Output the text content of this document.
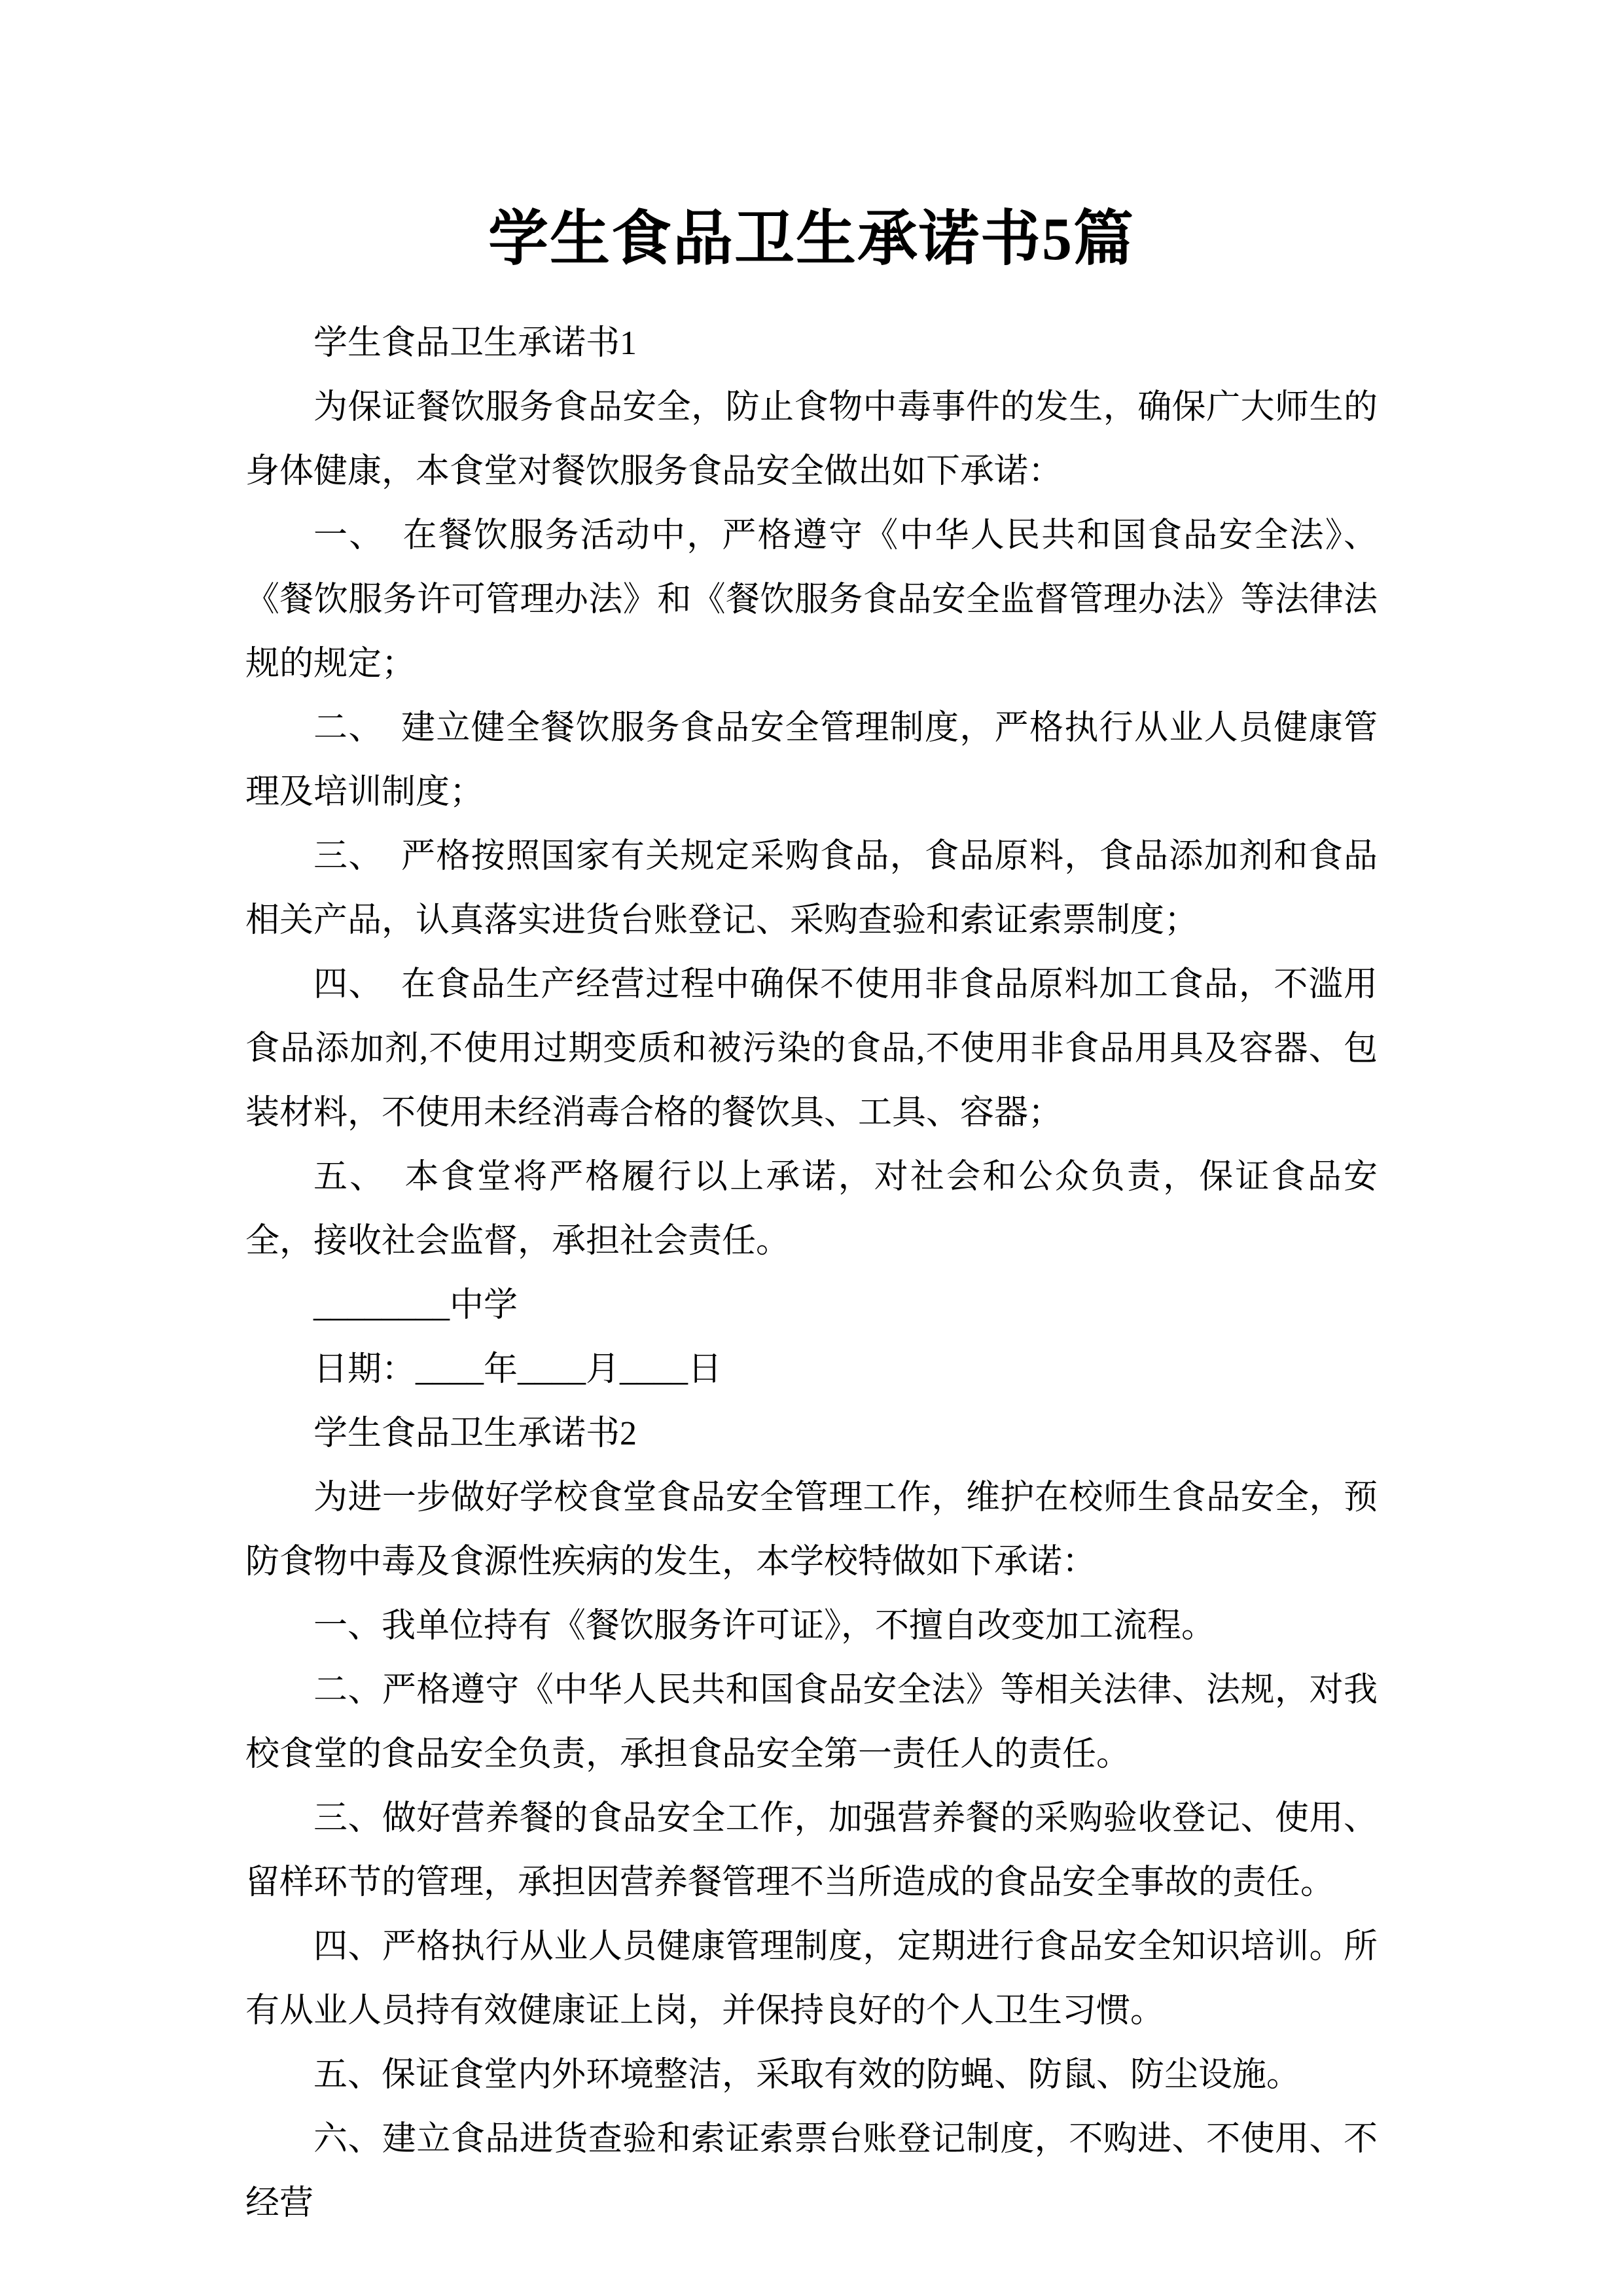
学生食品卫生承诺书5篇

学生食品卫生承诺书1

为保证餐饮服务食品安全，防止食物中毒事件的发生，确保广大师生的身体健康，本食堂对餐饮服务食品安全做出如下承诺：

一、　在餐饮服务活动中，严格遵守《中华人民共和国食品安全法》、《餐饮服务许可管理办法》和《餐饮服务食品安全监督管理办法》等法律法规的规定；

二、　建立健全餐饮服务食品安全管理制度，严格执行从业人员健康管理及培训制度；

三、　严格按照国家有关规定采购食品，食品原料，食品添加剂和食品相关产品，认真落实进货台账登记、采购查验和索证索票制度；

四、　在食品生产经营过程中确保不使用非食品原料加工食品，不滥用食品添加剂,不使用过期变质和被污染的食品,不使用非食品用具及容器、包装材料，不使用未经消毒合格的餐饮具、工具、容器；

五、　本食堂将严格履行以上承诺，对社会和公众负责，保证食品安全，接收社会监督，承担社会责任。

________中学

日期：____年____月____日

学生食品卫生承诺书2

为进一步做好学校食堂食品安全管理工作，维护在校师生食品安全，预防食物中毒及食源性疾病的发生，本学校特做如下承诺：

一、我单位持有《餐饮服务许可证》，不擅自改变加工流程。

二、严格遵守《中华人民共和国食品安全法》等相关法律、法规，对我校食堂的食品安全负责，承担食品安全第一责任人的责任。

三、做好营养餐的食品安全工作，加强营养餐的采购验收登记、使用、留样环节的管理，承担因营养餐管理不当所造成的食品安全事故的责任。

四、严格执行从业人员健康管理制度，定期进行食品安全知识培训。所有从业人员持有效健康证上岗，并保持良好的个人卫生习惯。

五、保证食堂内外环境整洁，采取有效的防蝇、防鼠、防尘设施。

六、建立食品进货查验和索证索票台账登记制度，不购进、不使用、不经营
